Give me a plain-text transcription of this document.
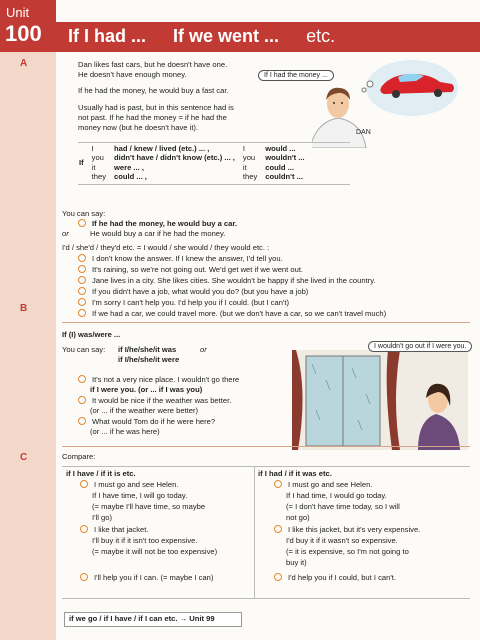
Unit
100 If I had ... If we went ... etc.
A
B
C
Dan likes fast cars, but he doesn't have one.
He doesn't have enough money.
If he had the money, he would buy a fast car.
Usually had is past, but in this sentence had is
not past. If he had the money = if he had the
money now (but he doesn't have it).
If I had the money ...
DAN
If	I	had / knew / lived (etc.) ... ,	I	would ...
	you	didn't have / didn't know (etc.) ... ,	you	wouldn't ...
	it	were ... ,	it	could ...
	they	could ... ,	they	couldn't ...
You can say:
If he had the money, he would buy a car.
or	He would buy a car if he had the money.
I'd / she'd / they'd etc. = I would / she would / they would etc. :
I don't know the answer. If I knew the answer, I'd tell you.
It's raining, so we're not going out. We'd get wet if we went out.
Jane lives in a city. She likes cities. She wouldn't be happy if she lived in the country.
If you didn't have a job, what would you do? (but you have a job)
I'm sorry I can't help you. I'd help you if I could. (but I can't)
If we had a car, we could travel more. (but we don't have a car, so we can't travel much)
If (I) was/were ...
You can say: if I/he/she/it was	or
if I/he/she/it were
It's not a very nice place. I wouldn't go there
if I were you. (or ... if I was you)
It would be nice if the weather was better.
(or ... if the weather were better)
What would Tom do if he were here?
(or ... if he was here)
I wouldn't go out if I were you.
Compare:
if I have / if it is etc.
I must go and see Helen.
If I have time, I will go today.
(= maybe I'll have time, so maybe
I'll go)
I like that jacket.
I'll buy it if it isn't too expensive.
(= maybe it will not be too expensive)
I'll help you if I can. (= maybe I can)
if I had / if it was etc.
I must go and see Helen.
If I had time, I would go today.
(= I don't have time today, so I will
not go)
I like this jacket, but it's very expensive.
I'd buy it if it wasn't so expensive.
(= it is expensive, so I'm not going to
buy it)
I'd help you if I could, but I can't.
if we go / if I have / if I can etc. → Unit 99
